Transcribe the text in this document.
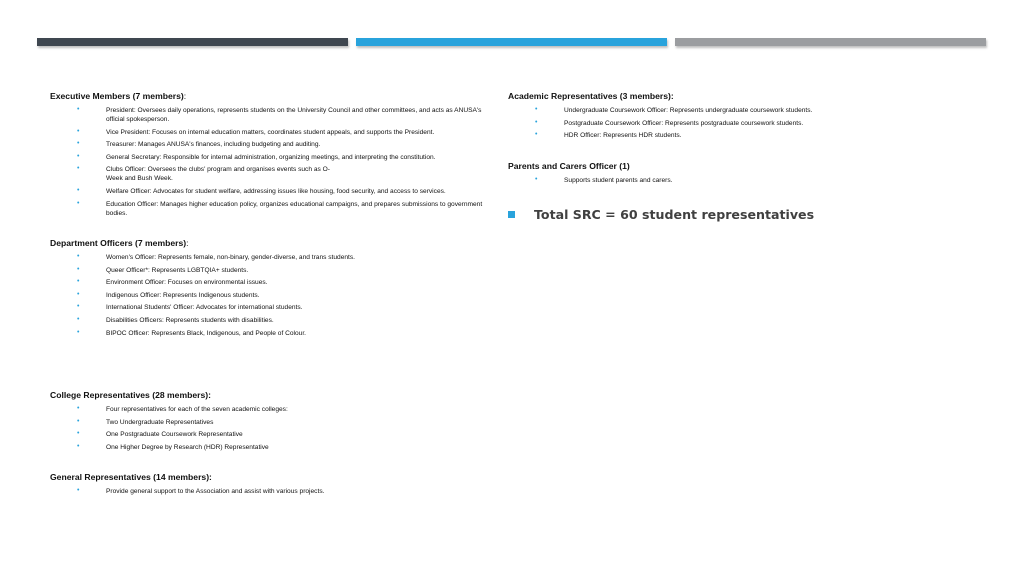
Executive Members (7 members):
•	President: Oversees daily operations, represents students on the University Council and other committees, and acts as ANUSA's official spokesperson.
•	Vice President: Focuses on internal education matters, coordinates student appeals, and supports the President.
•	Treasurer: Manages ANUSA's finances, including budgeting and auditing.
•	General Secretary: Responsible for internal administration, organizing meetings, and interpreting the constitution.
•	Clubs Officer: Oversees the clubs' program and organises events such as O-Week and Bush Week.
•	Welfare Officer: Advocates for student welfare, addressing issues like housing, food security, and access to services.
•	Education Officer: Manages higher education policy, organizes educational campaigns, and prepares submissions to government bodies.
Department Officers (7 members):
•	Women's Officer: Represents female, non-binary, gender-diverse, and trans students.
•	Queer Officer*: Represents LGBTQIA+ students.
•	Environment Officer: Focuses on environmental issues.
•	Indigenous Officer: Represents Indigenous students.
•	International Students' Officer: Advocates for international students.
•	Disabilities Officers: Represents students with disabilities.
•	BIPOC Officer: Represents Black, Indigenous, and People of Colour.
College Representatives (28 members):
•	Four representatives for each of the seven academic colleges:
•	Two Undergraduate Representatives
•	One Postgraduate Coursework Representative
•	One Higher Degree by Research (HDR) Representative
General Representatives (14 members):
•	Provide general support to the Association and assist with various projects.
Academic Representatives (3 members):
•	Undergraduate Coursework Officer: Represents undergraduate coursework students.
•	Postgraduate Coursework Officer: Represents postgraduate coursework students.
•	HDR Officer: Represents HDR students.
Parents and Carers Officer (1)
•	Supports student parents and carers.
Total SRC = 60 student representatives
